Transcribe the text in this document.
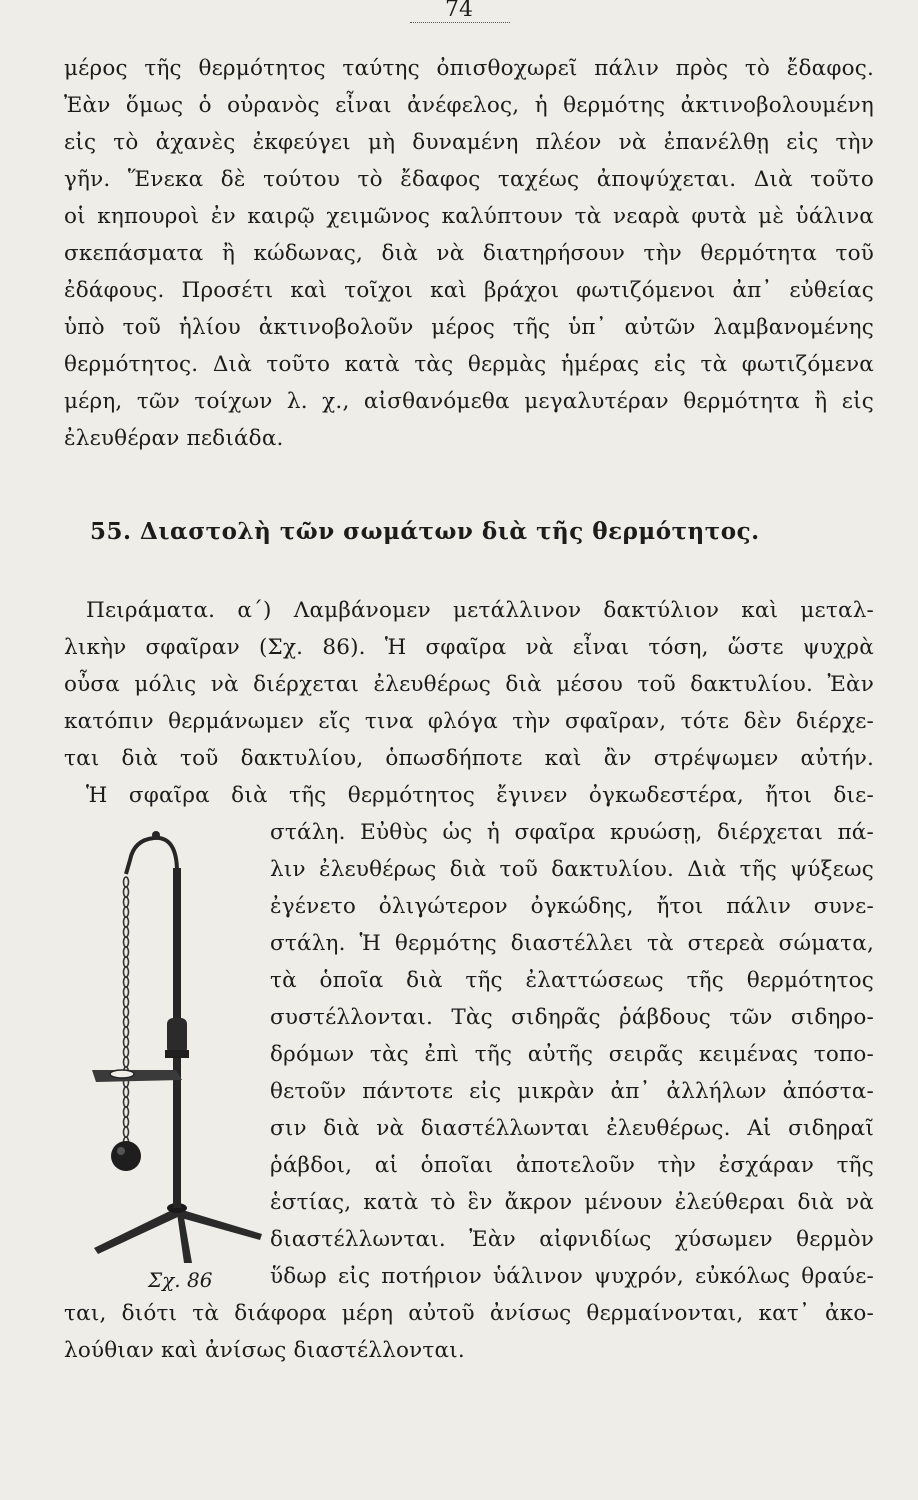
74
μέρος τῆς θερμότητος ταύτης ὀπισθοχωρεῖ πάλιν πρὸς τὸ ἔδαφος.
Ἐὰν ὅμως ὁ οὐρανὸς εἶναι ἀνέφελος, ἡ θερμότης ἀκτινοβολουμένη
εἰς τὸ ἀχανὲς ἐκφεύγει μὴ δυναμένη πλέον νὰ ἐπανέλθῃ εἰς τὴν
γῆν. Ἕνεκα δὲ τούτου τὸ ἔδαφος ταχέως ἀποψύχεται. Διὰ τοῦτο
οἱ κηπουροὶ ἐν καιρῷ χειμῶνος καλύπτουν τὰ νεαρὰ φυτὰ μὲ ὑάλινα
σκεπάσματα ἢ κώδωνας, διὰ νὰ διατηρήσουν τὴν θερμότητα τοῦ
ἐδάφους. Προσέτι καὶ τοῖχοι καὶ βράχοι φωτιζόμενοι ἀπ᾽ εὐθείας
ὑπὸ τοῦ ἡλίου ἀκτινοβολοῦν μέρος τῆς ὑπ᾽ αὐτῶν λαμβανομένης
θερμότητος. Διὰ τοῦτο κατὰ τὰς θερμὰς ἡμέρας εἰς τὰ φωτιζόμενα
μέρη, τῶν τοίχων λ. χ., αἰσθανόμεθα μεγαλυτέραν θερμότητα ἢ εἰς
ἐλευθέραν πεδιάδα.
55. Διαστολὴ τῶν σωμάτων διὰ τῆς θερμότητος.
Πειράματα. α΄) Λαμβάνομεν μετάλλινον δακτύλιον καὶ μεταλ-
λικὴν σφαῖραν (Σχ. 86). Ἡ σφαῖρα νὰ εἶναι τόση, ὥστε ψυχρὰ
οὖσα μόλις νὰ διέρχεται ἐλευθέρως διὰ μέσου τοῦ δακτυλίου. Ἐὰν
κατόπιν θερμάνωμεν εἴς τινα φλόγα τὴν σφαῖραν, τότε δὲν διέρχε-
ται διὰ τοῦ δακτυλίου, ὁπωσδήποτε καὶ ἂν στρέψωμεν αὐτήν.
Ἡ σφαῖρα διὰ τῆς θερμότητος ἔγινεν ὀγκωδεστέρα, ἤτοι διε-
στάλη. Εὐθὺς ὡς ἡ σφαῖρα κρυώσῃ, διέρχεται πά-
λιν ἐλευθέρως διὰ τοῦ δακτυλίου. Διὰ τῆς ψύξεως
ἐγένετο ὀλιγώτερον ὀγκώδης, ἤτοι πάλιν συνε-
στάλη. Ἡ θερμότης διαστέλλει τὰ στερεὰ σώματα,
τὰ ὁποῖα διὰ τῆς ἐλαττώσεως τῆς θερμότητος
συστέλλονται. Τὰς σιδηρᾶς ῥάβδους τῶν σιδηρο-
δρόμων τὰς ἐπὶ τῆς αὐτῆς σειρᾶς κειμένας τοπο-
θετοῦν πάντοτε εἰς μικρὰν ἀπ᾽ ἀλλήλων ἀπόστα-
σιν διὰ νὰ διαστέλλωνται ἐλευθέρως. Αἱ σιδηραῖ
ῥάβδοι, αἱ ὁποῖαι ἀποτελοῦν τὴν ἐσχάραν τῆς
ἑστίας, κατὰ τὸ ἓν ἄκρον μένουν ἐλεύθεραι διὰ νὰ
διαστέλλωνται. Ἐὰν αἰφνιδίως χύσωμεν θερμὸν
ὕδωρ εἰς ποτήριον ὑάλινον ψυχρόν, εὐκόλως θραύε-
ται, διότι τὰ διάφορα μέρη αὐτοῦ ἀνίσως θερμαίνονται, κατ᾽ ἀκο-
λούθιαν καὶ ἀνίσως διαστέλλονται.
Σχ. 86
